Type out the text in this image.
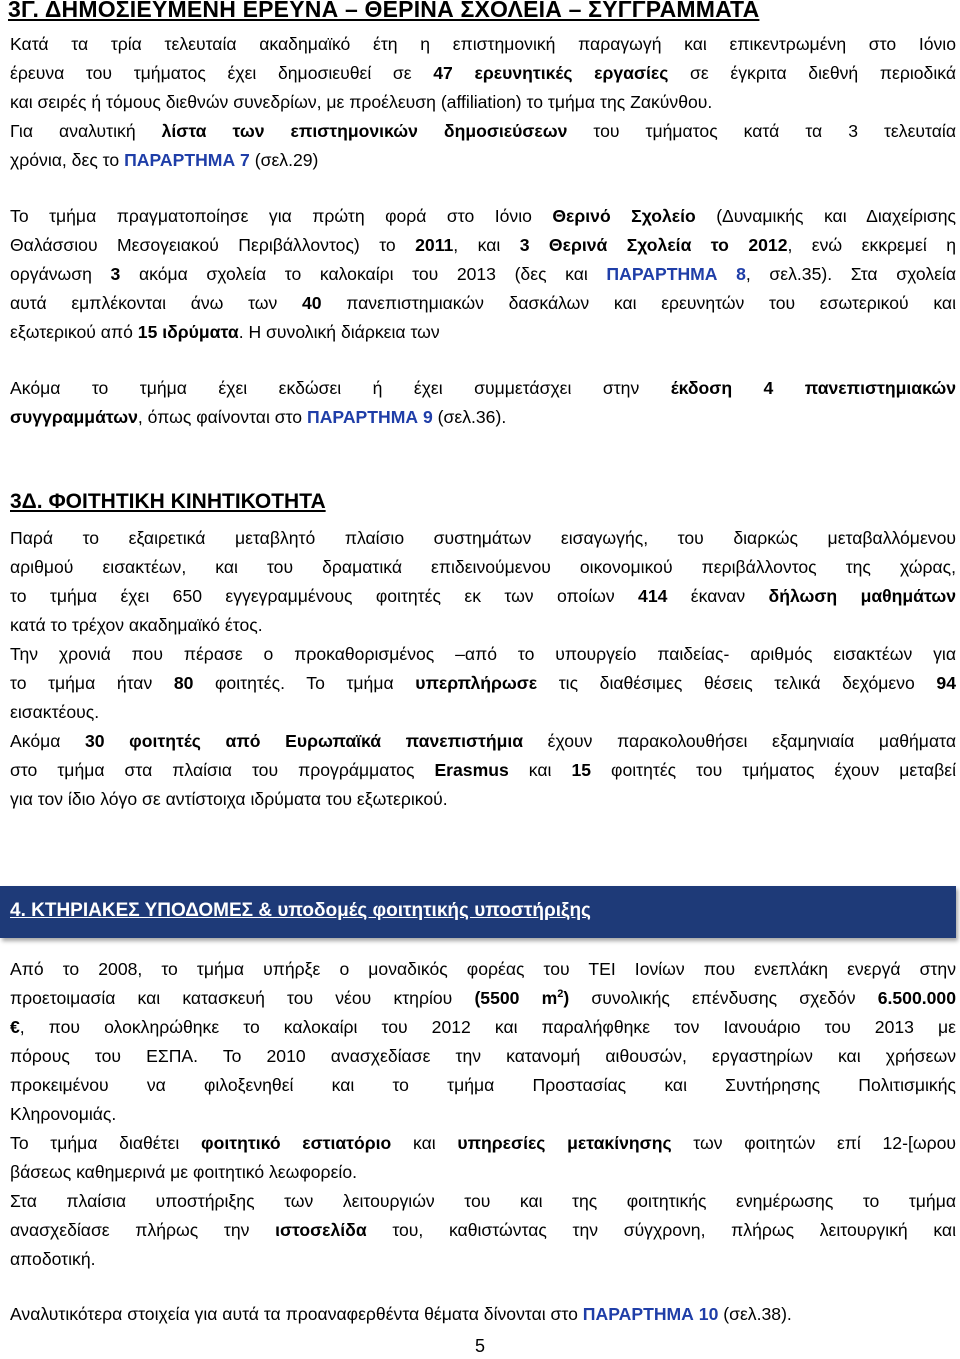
3Γ. ΔΗΜΟΣΙΕΥΜΕΝΗ ΕΡΕΥΝΑ – ΘΕΡΙΝΑ ΣΧΟΛΕΙΑ – ΣΥΓΓΡΑΜΜΑΤΑ
Κατά τα τρία τελευταία ακαδημαϊκό έτη η επιστημονική παραγωγή και επικεντρωμένη στο Ιόνιο
έρευνα του τμήματος έχει δημοσιευθεί σε 47 ερευνητικές εργασίες σε έγκριτα διεθνή περιοδικά
και σειρές ή τόμους διεθνών συνεδρίων, με προέλευση (affiliation) το τμήμα της Ζακύνθου.
Για αναλυτική λίστα των επιστημονικών δημοσιεύσεων του τμήματος κατά τα 3 τελευταία
χρόνια, δες το ΠΑΡΑΡΤΗΜΑ 7 (σελ.29)
Το τμήμα πραγματοποίησε για πρώτη φορά στο Ιόνιο Θερινό Σχολείο (Δυναμικής και Διαχείρισης
Θαλάσσιου Μεσογειακού Περιβάλλοντος) το 2011, και 3 Θερινά Σχολεία το 2012, ενώ εκκρεμεί η
οργάνωση 3 ακόμα σχολεία το καλοκαίρι του 2013 (δες και ΠΑΡΑΡΤΗΜΑ 8, σελ.35). Στα σχολεία
αυτά εμπλέκονται άνω των 40 πανεπιστημιακών δασκάλων και ερευνητών του εσωτερικού και
εξωτερικού από 15 ιδρύματα. Η συνολική διάρκεια των
Ακόμα το τμήμα έχει εκδώσει ή έχει συμμετάσχει στην έκδοση 4 πανεπιστημιακών
συγγραμμάτων, όπως φαίνονται στο ΠΑΡΑΡΤΗΜΑ 9 (σελ.36).
3Δ. ΦΟΙΤΗΤΙΚΗ ΚΙΝΗΤΙΚΟΤΗΤΑ
Παρά το εξαιρετικά μεταβλητό πλαίσιο συστημάτων εισαγωγής, του διαρκώς μεταβαλλόμενου
αριθμού εισακτέων, και του δραματικά επιδεινούμενου οικονομικού περιβάλλοντος της χώρας,
το τμήμα έχει 650 εγγεγραμμένους φοιτητές εκ των οποίων 414 έκαναν δήλωση μαθημάτων
κατά το τρέχον ακαδημαϊκό έτος.
Την χρονιά που πέρασε ο προκαθορισμένος –από το υπουργείο παιδείας- αριθμός εισακτέων για
το τμήμα ήταν 80 φοιτητές. Το τμήμα υπερπλήρωσε τις διαθέσιμες θέσεις τελικά δεχόμενο 94
εισακτέους.
Ακόμα 30 φοιτητές από Ευρωπαϊκά πανεπιστήμια έχουν παρακολουθήσει εξαμηνιαία μαθήματα
στο τμήμα στα πλαίσια του προγράμματος Erasmus και 15 φοιτητές του τμήματος έχουν μεταβεί
για τον ίδιο λόγο σε αντίστοιχα ιδρύματα του εξωτερικού.
4. ΚΤΗΡΙΑΚΕΣ ΥΠΟΔΟΜΕΣ & υποδομές φοιτητικής υποστήριξης
Από το 2008, το τμήμα υπήρξε ο μοναδικός φορέας του ΤΕΙ Ιονίων που ενεπλάκη ενεργά στην
προετοιμασία και κατασκευή του νέου κτηρίου (5500 $m^2$) συνολικής επένδυσης σχεδόν 6.500.000
€, που ολοκληρώθηκε το καλοκαίρι του 2012 και παραλήφθηκε τον Ιανουάριο του 2013 με
πόρους του ΕΣΠΑ. Το 2010 ανασχεδίασε την κατανομή αιθουσών, εργαστηρίων και χρήσεων
προκειμένου να φιλοξενηθεί και το τμήμα Προστασίας και Συντήρησης Πολιτισμικής
Κληρονομιάς.
Το τμήμα διαθέτει φοιτητικό εστιατόριο και υπηρεσίες μετακίνησης των φοιτητών επί 12-[ωρου
βάσεως καθημερινά με φοιτητικό λεωφορείο.
Στα πλαίσια υποστήριξης των λειτουργιών του και της φοιτητικής ενημέρωσης το τμήμα
ανασχεδίασε πλήρως την ιστοσελίδα του, καθιστώντας την σύγχρονη, πλήρως λειτουργική και
αποδοτική.
Αναλυτικότερα στοιχεία για αυτά τα προαναφερθέντα θέματα δίνονται στο ΠΑΡΑΡΤΗΜΑ 10 (σελ.38).
5
